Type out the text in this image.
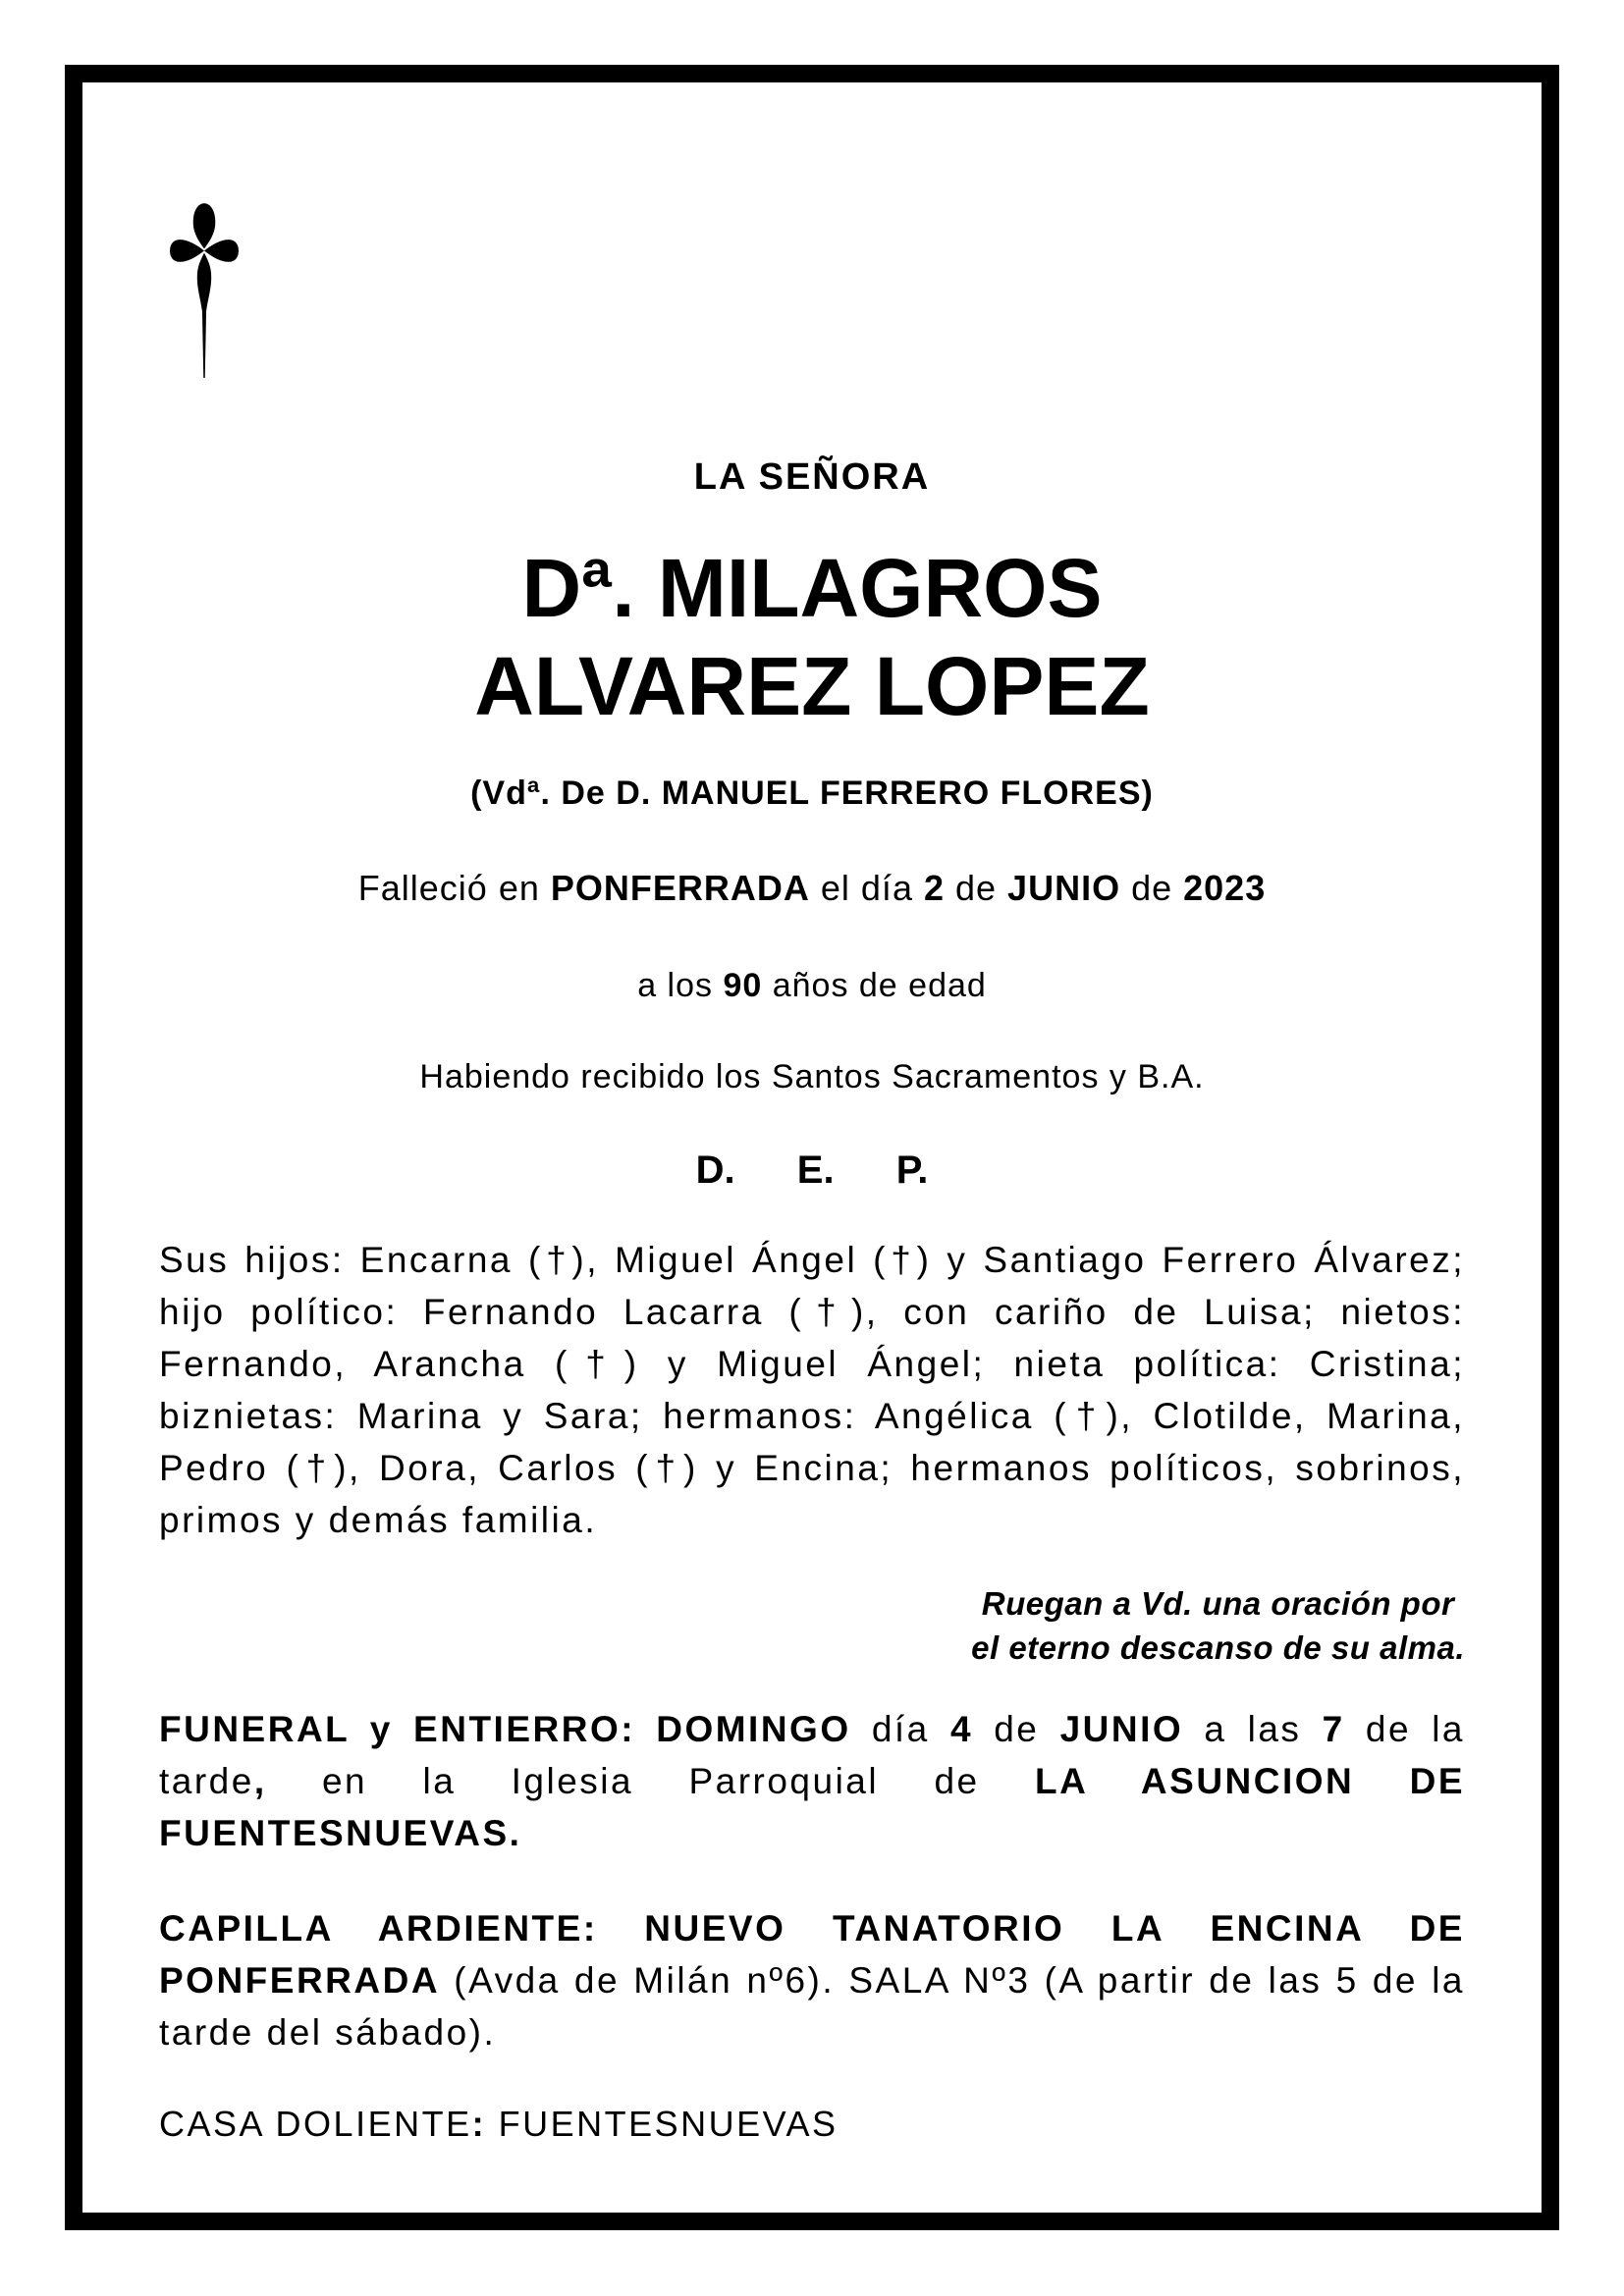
LA SEÑORA
Dª. MILAGROS
ALVAREZ LOPEZ
(Vdª. De D. MANUEL FERRERO FLORES)
Falleció en PONFERRADA el día 2 de JUNIO de 2023
a los 90 años de edad
Habiendo recibido los Santos Sacramentos y B.A.
D. E. P.
Sus hijos: Encarna (†), Miguel Ángel (†) y Santiago Ferrero Álvarez; hijo político: Fernando Lacarra (†), con cariño de Luisa; nietos: Fernando, Arancha (†) y Miguel Ángel; nieta política: Cristina; biznietas: Marina y Sara; hermanos: Angélica (†), Clotilde, Marina, Pedro (†), Dora, Carlos (†) y Encina; hermanos políticos, sobrinos, primos y demás familia.
Ruegan a Vd. una oración por
el eterno descanso de su alma.
FUNERAL y ENTIERRO: DOMINGO día 4 de JUNIO a las 7 de la tarde, en la Iglesia Parroquial de LA ASUNCION DE FUENTESNUEVAS.
CAPILLA ARDIENTE: NUEVO TANATORIO LA ENCINA DE PONFERRADA (Avda de Milán nº6). SALA Nº3 (A partir de las 5 de la tarde del sábado).
CASA DOLIENTE: FUENTESNUEVAS
